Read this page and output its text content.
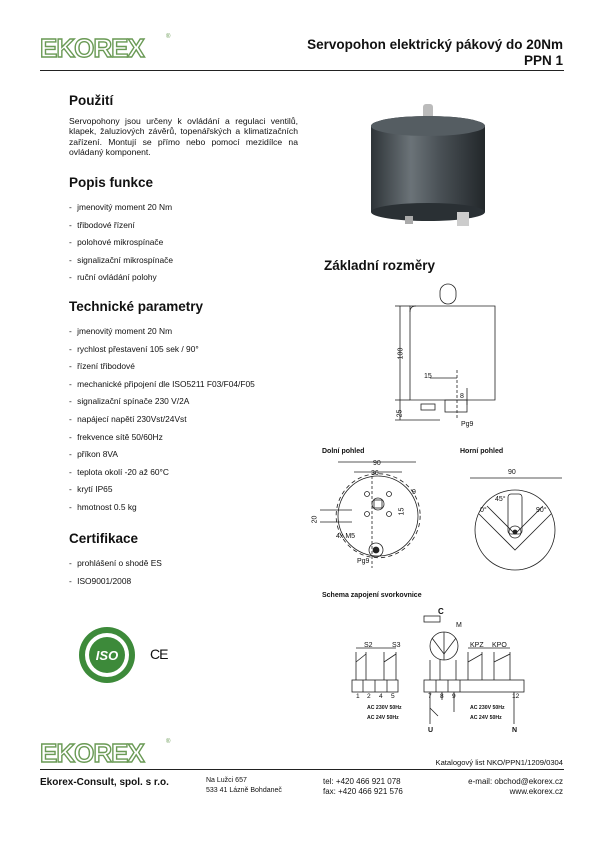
EKOREX	®	Servopohon elektrický pákový do 20Nm
PPN 1
Použití
Servopohony jsou určeny k ovládání a regulaci ventilů, klapek, žaluziových závěrů, topenářských a klimatizačních zařízení. Montují se přímo nebo pomocí mezidílce na ovládaný komponent.
Popis funkce
- jmenovitý moment 20 Nm
- třibodové řízení
- polohové mikrospínače
- signalizační mikrospínače
- ruční ovládání polohy
Technické parametry
- jmenovitý moment 20 Nm
- rychlost přestavení 105 sek / 90°
- řízení třibodové
- mechanické připojení dle ISO5211 F03/F04/F05
- signalizační spínače 230 V/2A
- napájecí napětí 230Vst/24Vst
- frekvence sítě 50/60Hz
- příkon 8VA
- teplota okolí -20 až 60°C
- krytí IP65
- hmotnost 0.5 kg
Certifikace
- prohlášení o shodě ES
- ISO9001/2008
ISO CE
Základní rozměry
100
25
15
8
Pg9
Dolní pohled
90
36
9
15
20
4x M5
Pg9
Horní pohled
90
45°
0°	90°
Schema zapojení svorkovnice
C
M
S2	S3	KPZ KPO
1 2 4 5	7 8 9	12
AC 230V 50Hz
AC 24V 50Hz
AC 230V 50Hz
AC 24V 50Hz
U	N
EKOREX	®
Katalogový list NKO/PPN1/1209/0304
Ekorex-Consult, spol. s r.o.	Na Lužci 657
533 41 Lázně Bohdaneč
tel: +420 466 921 078
fax: +420 466 921 576
e-mail: obchod@ekorex.cz
www.ekorex.cz
